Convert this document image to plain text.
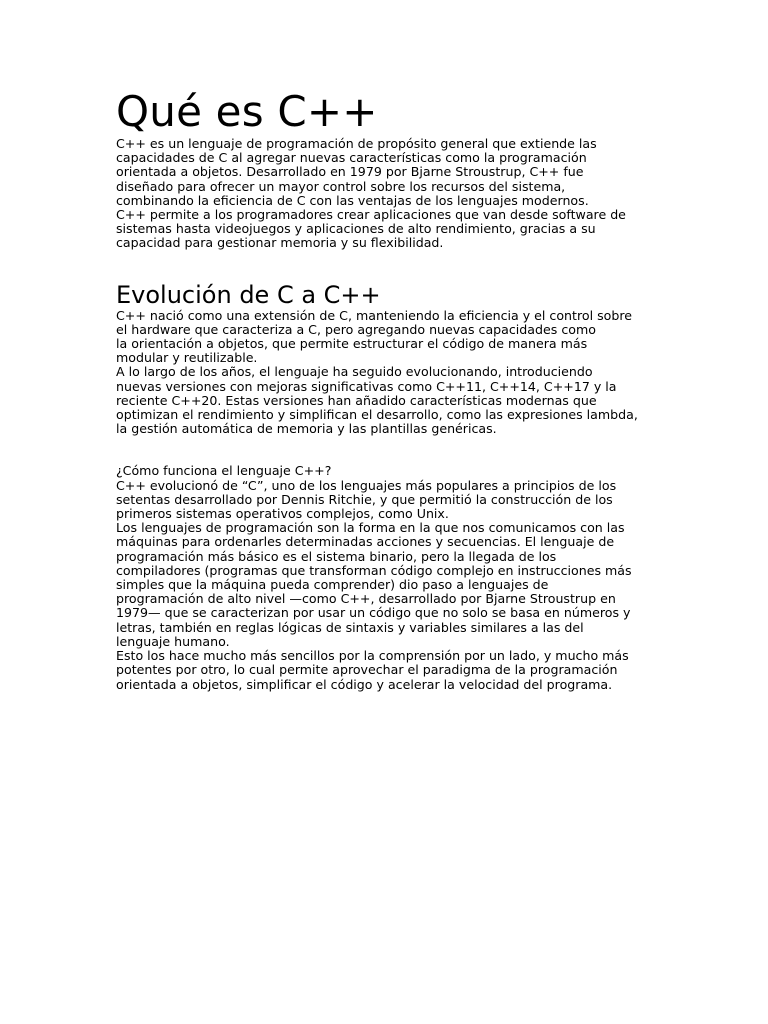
Qué es C++
C++ es un lenguaje de programación de propósito general que extiende las
capacidades de C al agregar nuevas características como la programación
orientada a objetos. Desarrollado en 1979 por Bjarne Stroustrup, C++ fue
diseñado para ofrecer un mayor control sobre los recursos del sistema,
combinando la eficiencia de C con las ventajas de los lenguajes modernos.
C++ permite a los programadores crear aplicaciones que van desde software de
sistemas hasta videojuegos y aplicaciones de alto rendimiento, gracias a su
capacidad para gestionar memoria y su flexibilidad.
Evolución de C a C++
C++ nació como una extensión de C, manteniendo la eficiencia y el control sobre
el hardware que caracteriza a C, pero agregando nuevas capacidades como
la orientación a objetos, que permite estructurar el código de manera más
modular y reutilizable.
A lo largo de los años, el lenguaje ha seguido evolucionando, introduciendo
nuevas versiones con mejoras significativas como C++11, C++14, C++17 y la
reciente C++20. Estas versiones han añadido características modernas que
optimizan el rendimiento y simplifican el desarrollo, como las expresiones lambda,
la gestión automática de memoria y las plantillas genéricas.
¿Cómo funciona el lenguaje C++?
C++ evolucionó de “C”, uno de los lenguajes más populares a principios de los
setentas desarrollado por Dennis Ritchie, y que permitió la construcción de los
primeros sistemas operativos complejos, como Unix.
Los lenguajes de programación son la forma en la que nos comunicamos con las
máquinas para ordenarles determinadas acciones y secuencias. El lenguaje de
programación más básico es el sistema binario, pero la llegada de los
compiladores (programas que transforman código complejo en instrucciones más
simples que la máquina pueda comprender) dio paso a lenguajes de
programación de alto nivel —como C++, desarrollado por Bjarne Stroustrup en
1979— que se caracterizan por usar un código que no solo se basa en números y
letras, también en reglas lógicas de sintaxis y variables similares a las del
lenguaje humano.
Esto los hace mucho más sencillos por la comprensión por un lado, y mucho más
potentes por otro, lo cual permite aprovechar el paradigma de la programación
orientada a objetos, simplificar el código y acelerar la velocidad del programa.
